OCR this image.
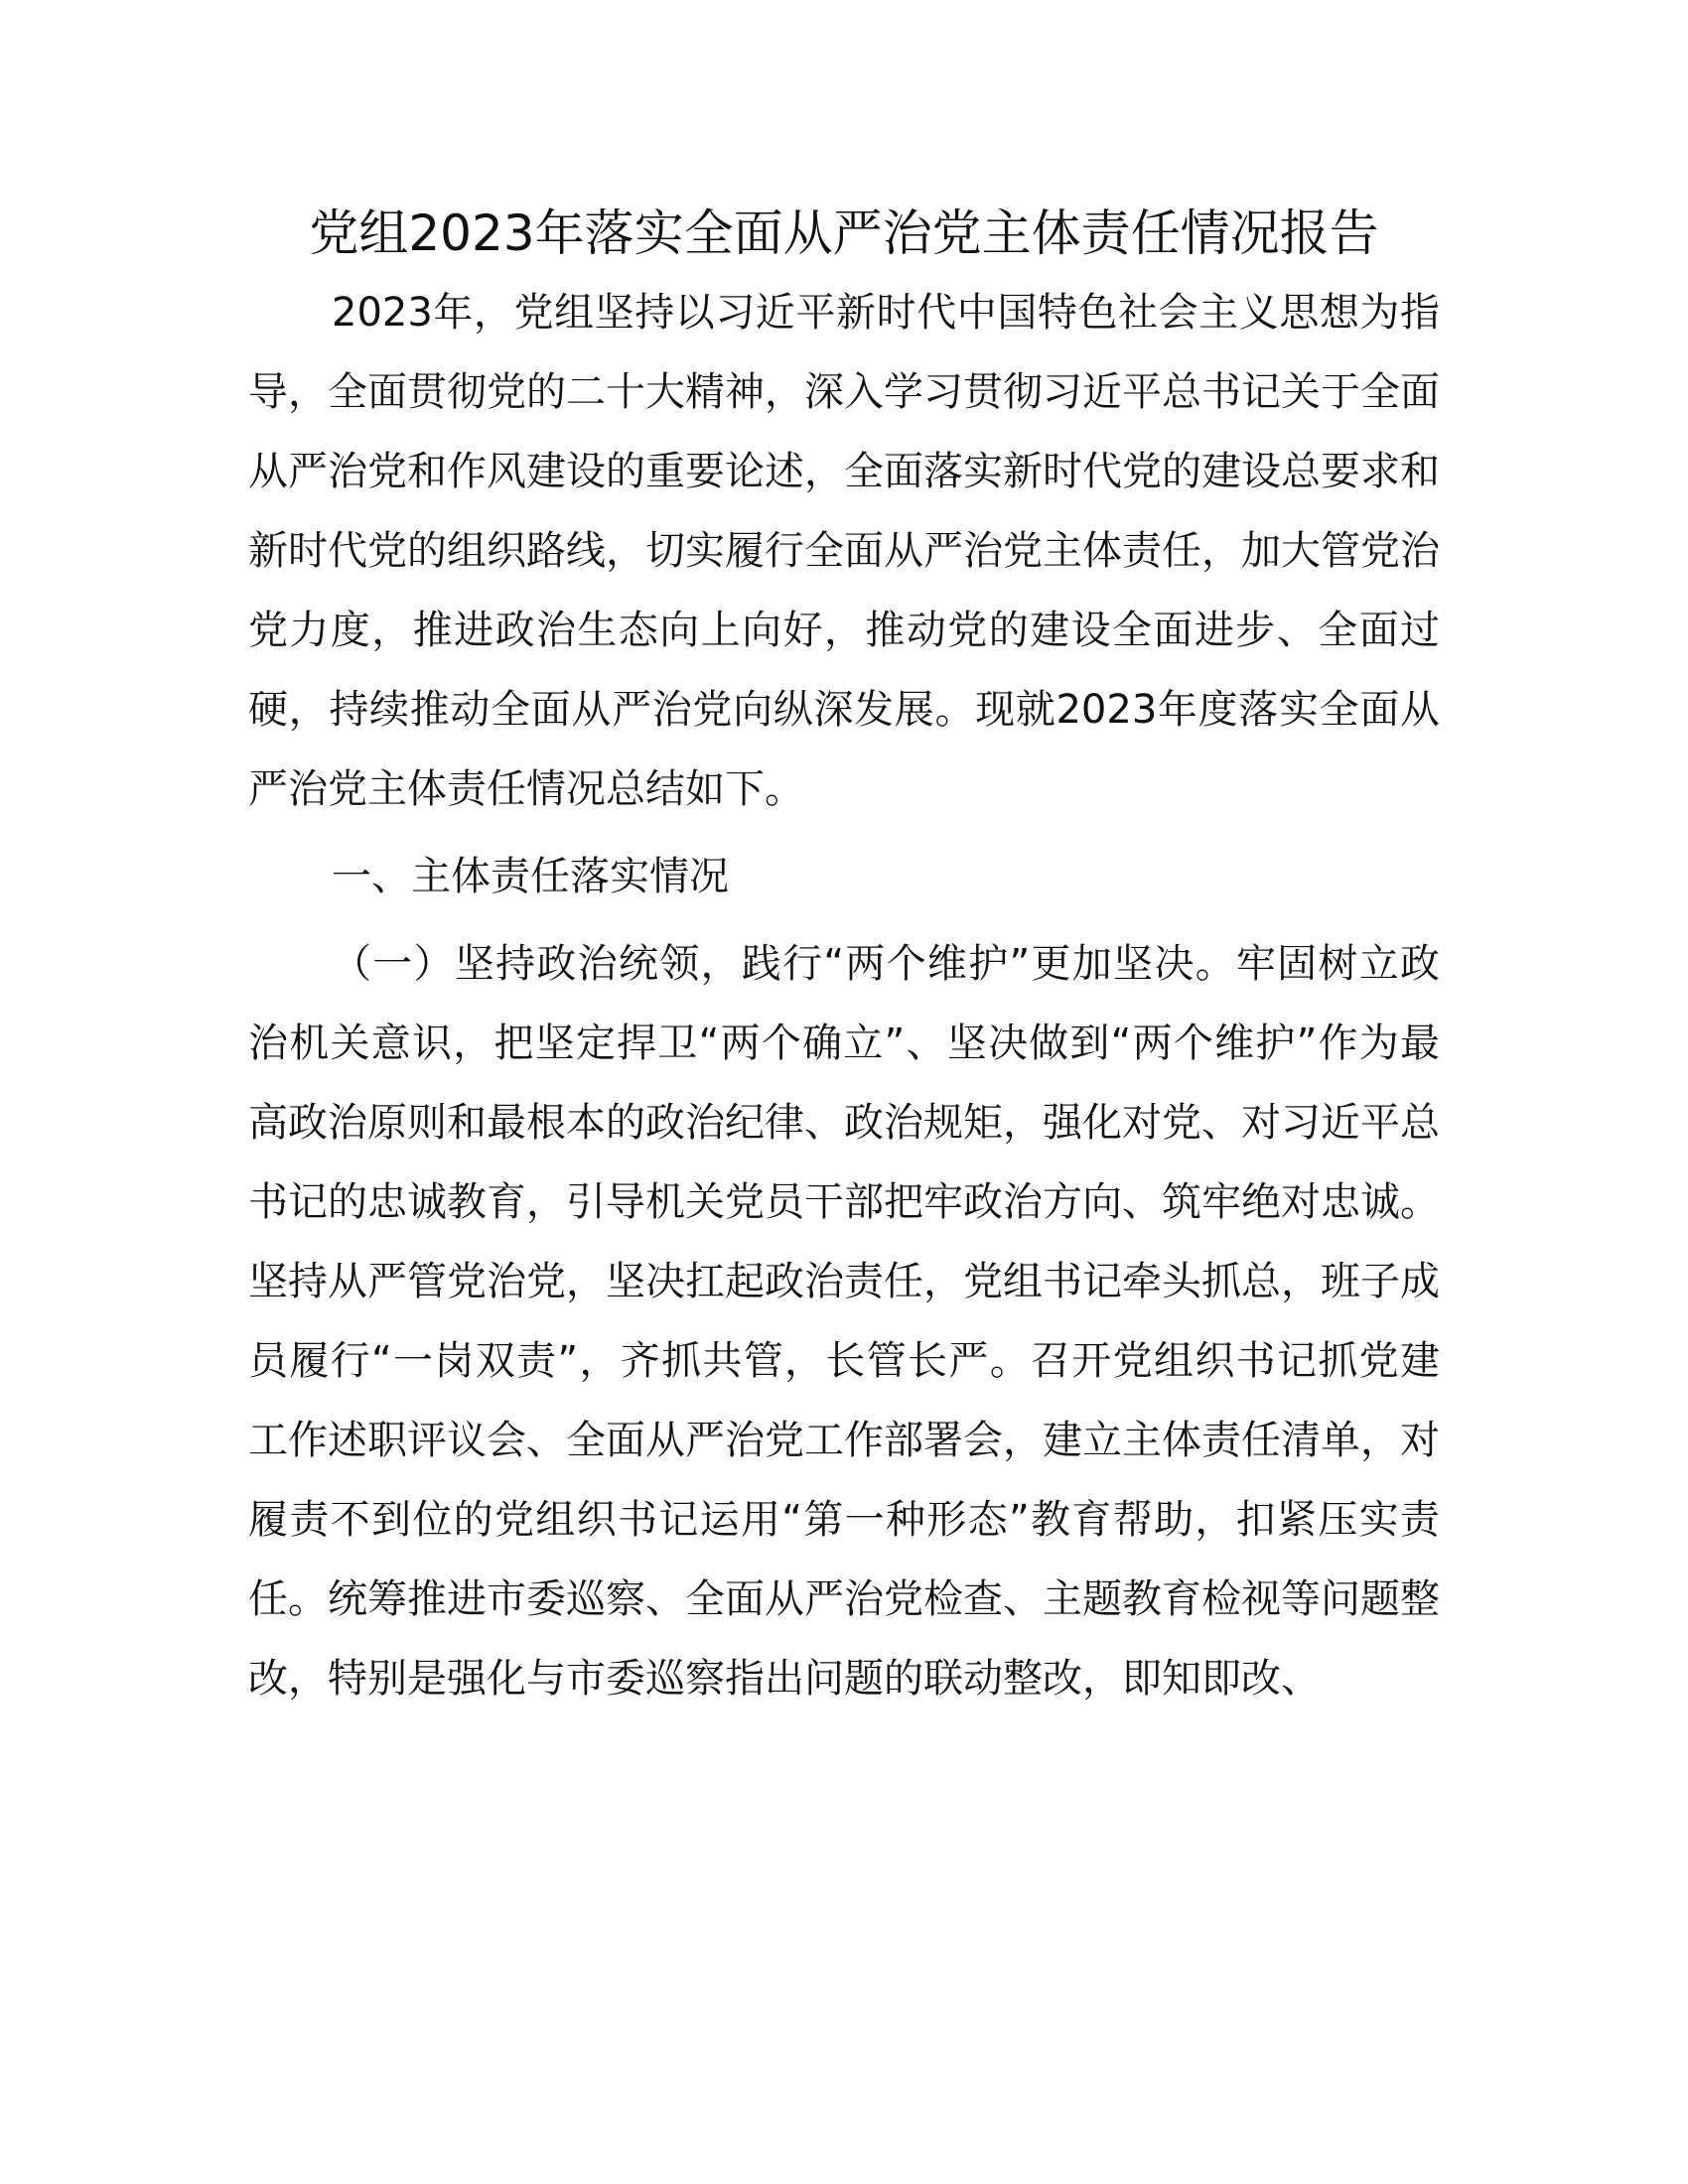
党组2023年落实全面从严治党主体责任情况报告

2023年，党组坚持以习近平新时代中国特色社会主义思想为指导，全面贯彻党的二十大精神，深入学习贯彻习近平总书记关于全面从严治党和作风建设的重要论述，全面落实新时代党的建设总要求和新时代党的组织路线，切实履行全面从严治党主体责任，加大管党治党力度，推进政治生态向上向好，推动党的建设全面进步、全面过硬，持续推动全面从严治党向纵深发展。现就2023年度落实全面从严治党主体责任情况总结如下。

一、主体责任落实情况

（一）坚持政治统领，践行“两个维护”更加坚决。牢固树立政治机关意识，把坚定捍卫“两个确立”、坚决做到“两个维护”作为最高政治原则和最根本的政治纪律、政治规矩，强化对党、对习近平总书记的忠诚教育，引导机关党员干部把牢政治方向、筑牢绝对忠诚。坚持从严管党治党，坚决扛起政治责任，党组书记牵头抓总，班子成员履行“一岗双责”，齐抓共管，长管长严。召开党组织书记抓党建工作述职评议会、全面从严治党工作部署会，建立主体责任清单，对履责不到位的党组织书记运用“第一种形态”教育帮助，扣紧压实责任。统筹推进市委巡察、全面从严治党检查、主题教育检视等问题整改，特别是强化与市委巡察指出问题的联动整改，即知即改、
